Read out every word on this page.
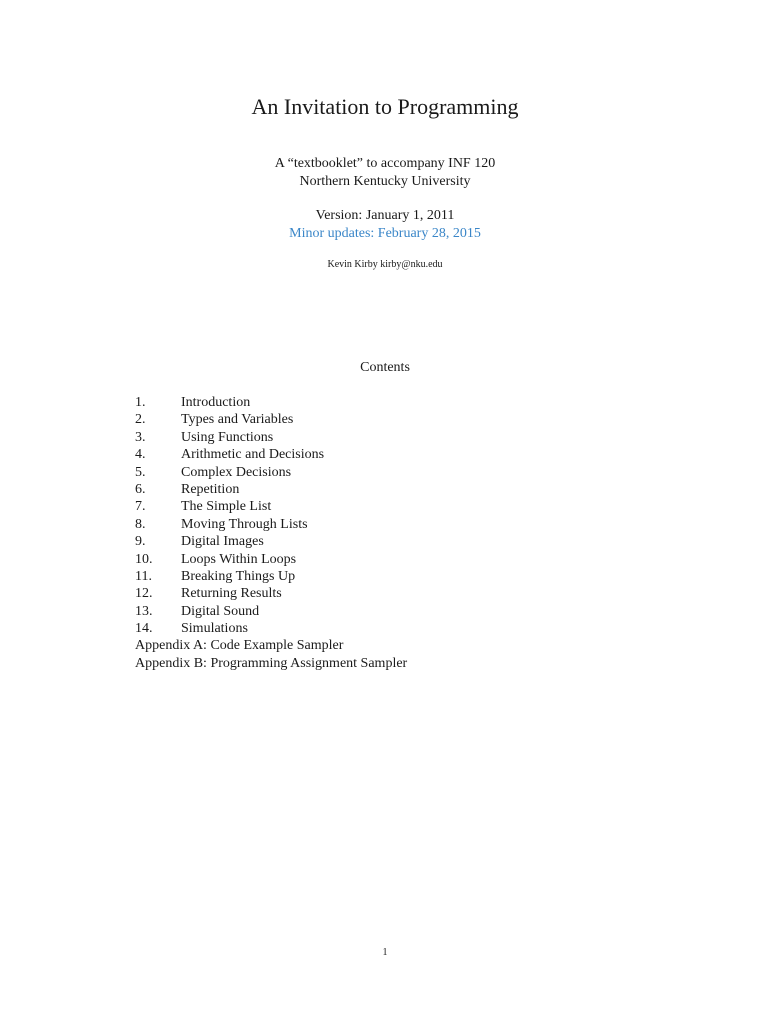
An Invitation to Programming
A “textbooklet” to accompany INF 120
Northern Kentucky University
Version: January 1, 2011
Minor updates: February 28, 2015
Kevin Kirby kirby@nku.edu
Contents
1.	Introduction
2.	Types and Variables
3.	Using Functions
4.	Arithmetic and Decisions
5.	Complex Decisions
6.	Repetition
7.	The Simple List
8.	Moving Through Lists
9.	Digital Images
10. Loops Within Loops
11. Breaking Things Up
12. Returning Results
13. Digital Sound
14. Simulations
Appendix A: Code Example Sampler
Appendix B: Programming Assignment Sampler
1
